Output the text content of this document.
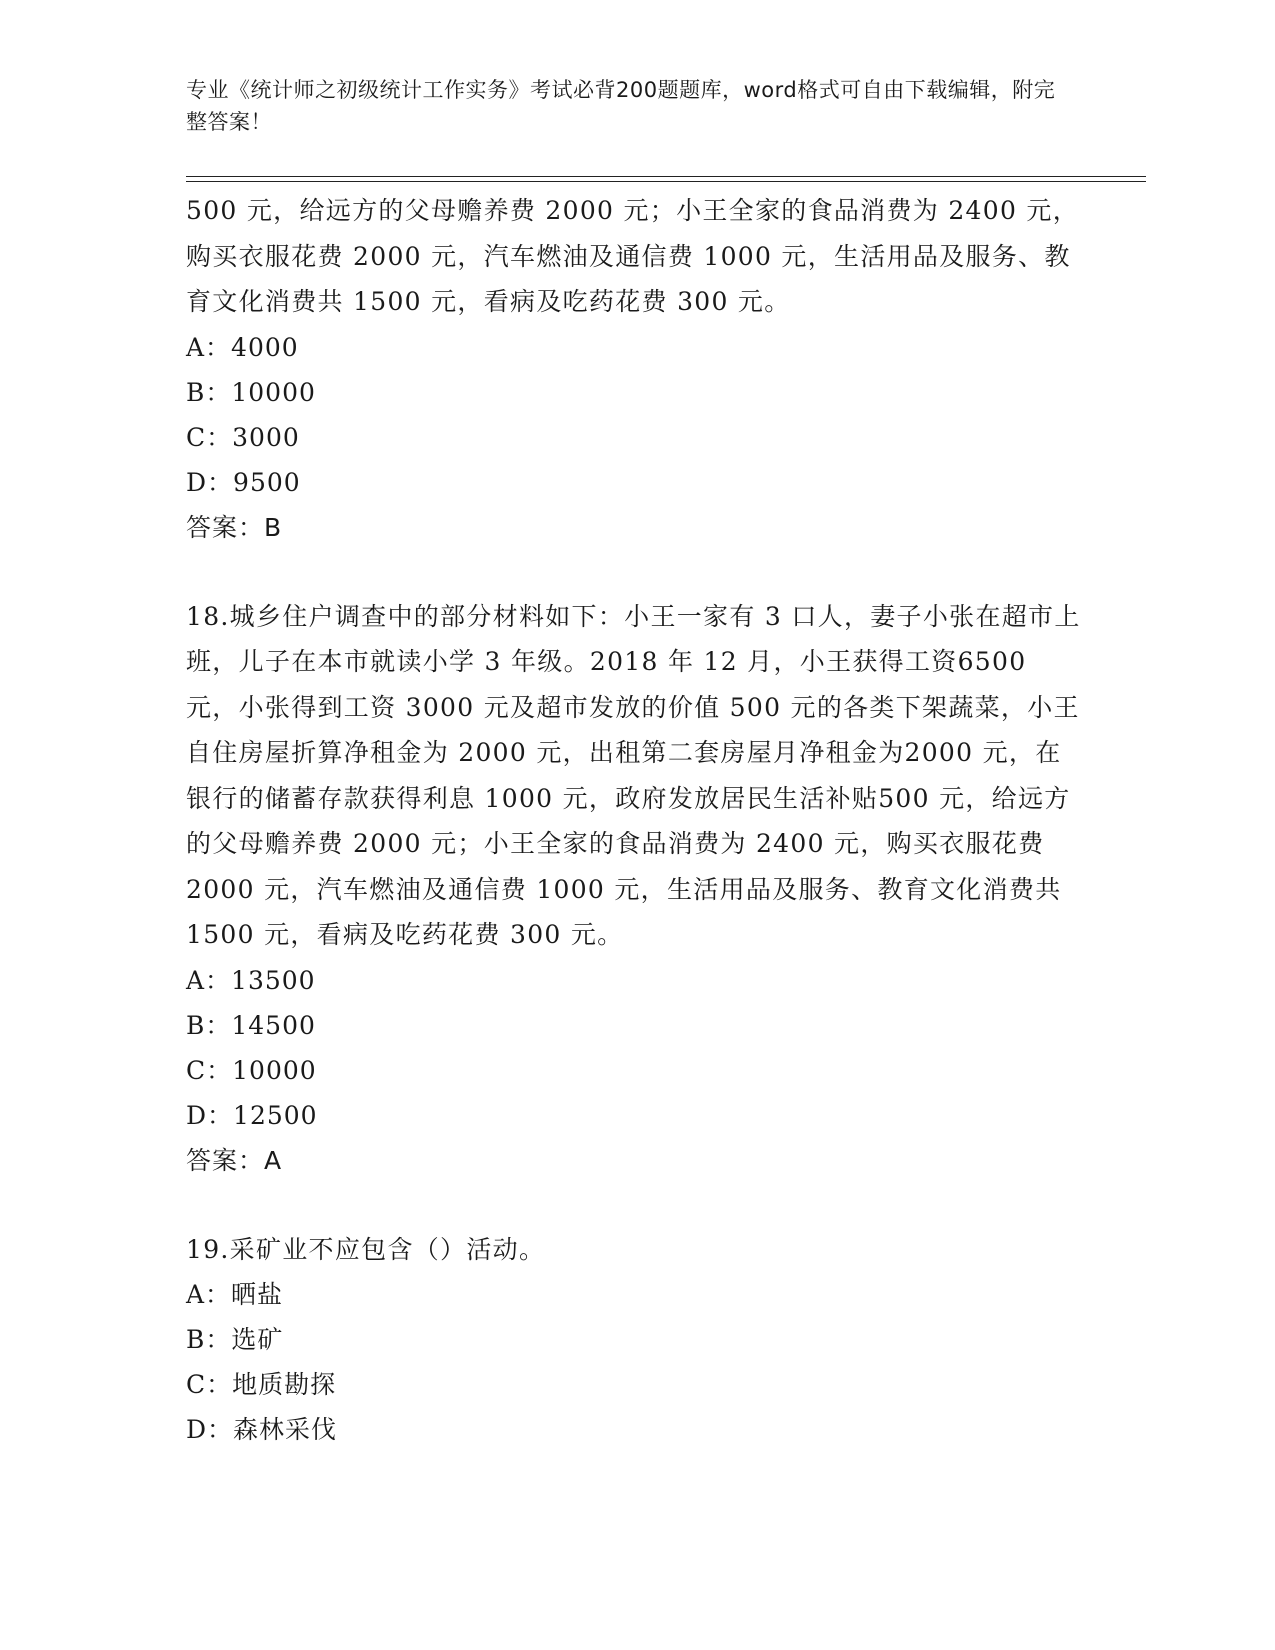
专业《统计师之初级统计工作实务》考试必背200题题库，word格式可自由下载编辑，附完整答案！

500 元，给远方的父母赡养费 2000 元；小王全家的食品消费为 2400 元，购买衣服花费 2000 元，汽车燃油及通信费 1000 元，生活用品及服务、教育文化消费共 1500 元，看病及吃药花费 300 元。

A：4000

B：10000

C：3000

D：9500

答案：B

18.城乡住户调查中的部分材料如下：小王一家有 3 口人，妻子小张在超市上班，儿子在本市就读小学 3 年级。2018 年 12 月，小王获得工资6500 元，小张得到工资 3000 元及超市发放的价值 500 元的各类下架蔬菜，小王自住房屋折算净租金为 2000 元，出租第二套房屋月净租金为2000 元，在银行的储蓄存款获得利息 1000 元，政府发放居民生活补贴500 元，给远方的父母赡养费 2000 元；小王全家的食品消费为 2400 元，购买衣服花费 2000 元，汽车燃油及通信费 1000 元，生活用品及服务、教育文化消费共 1500 元，看病及吃药花费 300 元。

A：13500

B：14500

C：10000

D：12500

答案：A

19.采矿业不应包含（）活动。

A：晒盐

B：选矿

C：地质勘探

D：森林采伐
